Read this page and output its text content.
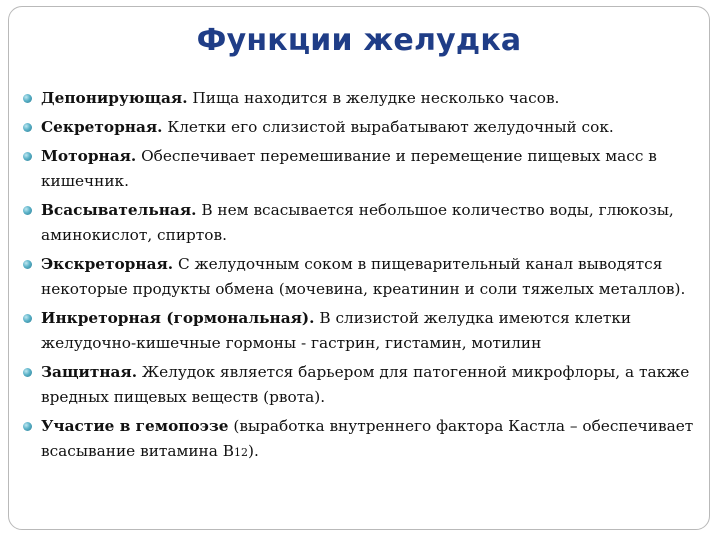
Функции желудка
Депонирующая. Пища находится в желудке несколько часов.
Секреторная. Клетки его слизистой вырабатывают желудочный сок.
Моторная. Обеспечивает перемешивание и перемещение пищевых масс в кишечник.
Всасывательная. В нем всасывается небольшое количество воды, глюкозы, аминокислот, спиртов.
Экскреторная. С желудочным соком в пищеварительный канал выводятся некоторые продукты обмена (мочевина, креатинин и соли тяжелых металлов).
Инкреторная (гормональная). В слизистой желудка имеются клетки желудочно-кишечные гормоны - гастрин, гистамин, мотилин
Защитная. Желудок является барьером для патогенной микрофлоры, а также вредных пищевых веществ (рвота).
Участие в гемопоэзе (выработка внутреннего фактора Кастла – обеспечивает всасывание витамина В12).
